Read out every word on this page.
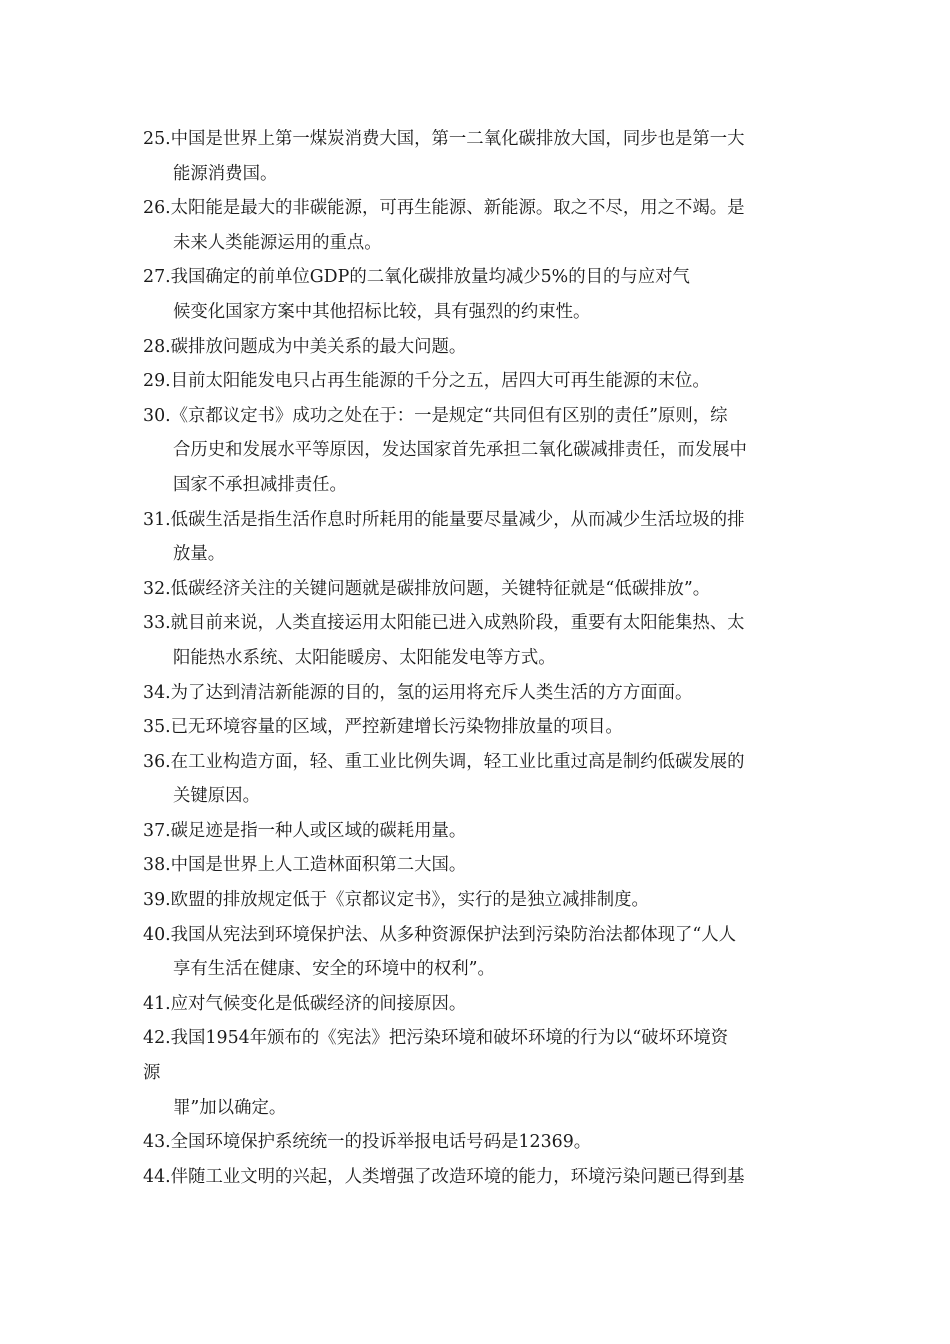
25.中国是世界上第一煤炭消费大国，第一二氧化碳排放大国，同步也是第一大
能源消费国。
26.太阳能是最大的非碳能源，可再生能源、新能源。取之不尽，用之不竭。是
未来人类能源运用的重点。
27.我国确定的前单位GDP的二氧化碳排放量均减少5%的目的与应对气
候变化国家方案中其他招标比较，具有强烈的约束性。
28.碳排放问题成为中美关系的最大问题。
29.目前太阳能发电只占再生能源的千分之五，居四大可再生能源的末位。
30.《京都议定书》成功之处在于：一是规定“共同但有区别的责任”原则，综
合历史和发展水平等原因，发达国家首先承担二氧化碳减排责任，而发展中
国家不承担减排责任。
31.低碳生活是指生活作息时所耗用的能量要尽量减少，从而减少生活垃圾的排
放量。
32.低碳经济关注的关键问题就是碳排放问题，关键特征就是“低碳排放”。
33.就目前来说，人类直接运用太阳能已进入成熟阶段，重要有太阳能集热、太
阳能热水系统、太阳能暖房、太阳能发电等方式。
34.为了达到清洁新能源的目的，氢的运用将充斥人类生活的方方面面。
35.已无环境容量的区域，严控新建增长污染物排放量的项目。
36.在工业构造方面，轻、重工业比例失调，轻工业比重过高是制约低碳发展的
关键原因。
37.碳足迹是指一种人或区域的碳耗用量。
38.中国是世界上人工造林面积第二大国。
39.欧盟的排放规定低于《京都议定书》，实行的是独立减排制度。
40.我国从宪法到环境保护法、从多种资源保护法到污染防治法都体现了“人人
享有生活在健康、安全的环境中的权利”。
41.应对气候变化是低碳经济的间接原因。
42.我国1954年颁布的《宪法》把污染环境和破坏环境的行为以“破坏环境资
源
罪”加以确定。
43.全国环境保护系统统一的投诉举报电话号码是12369。
44.伴随工业文明的兴起，人类增强了改造环境的能力，环境污染问题已得到基
